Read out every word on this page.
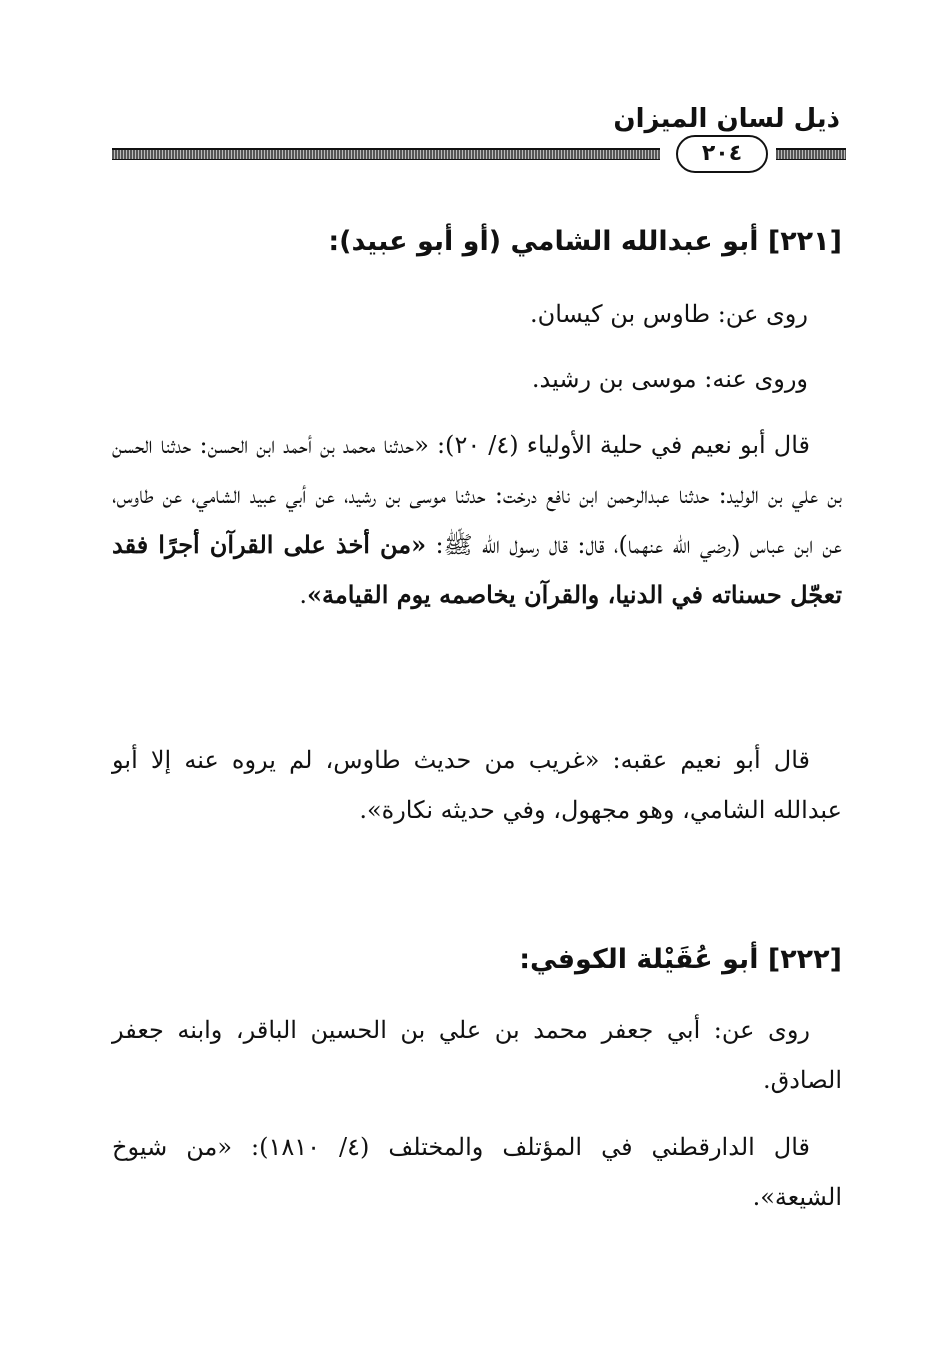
ذيل لسان الميزان
٢٠٤
[٢٢١] أبو عبدالله الشامي (أو أبو عبيد):
روى عن: طاوس بن كيسان.
وروى عنه: موسى بن رشيد.
قال أبو نعيم في حلية الأولياء (٤/ ٢٠): «حدثنا محمد بن أحمد ابن الحسن: حدثنا الحسن بن علي بن الوليد: حدثنا عبدالرحمن ابن نافع درخت: حدثنا موسى بن رشيد، عن أبي عبيد الشامي، عن طاوس، عن ابن عباس (رضي الله عنهما)، قال: قال رسول الله ﷺ: «من أخذ على القرآن أجرًا فقد تعجّل حسناته في الدنيا، والقرآن يخاصمه يوم القيامة».
قال أبو نعيم عقبه: «غريب من حديث طاوس، لم يروه عنه إلا أبو عبدالله الشامي، وهو مجهول، وفي حديثه نكارة».
[٢٢٢] أبو عُقَيْلة الكوفي:
روى عن: أبي جعفر محمد بن علي بن الحسين الباقر، وابنه جعفر الصادق.
قال الدارقطني في المؤتلف والمختلف (٤/ ١٨١٠): «من شيوخ الشيعة».
